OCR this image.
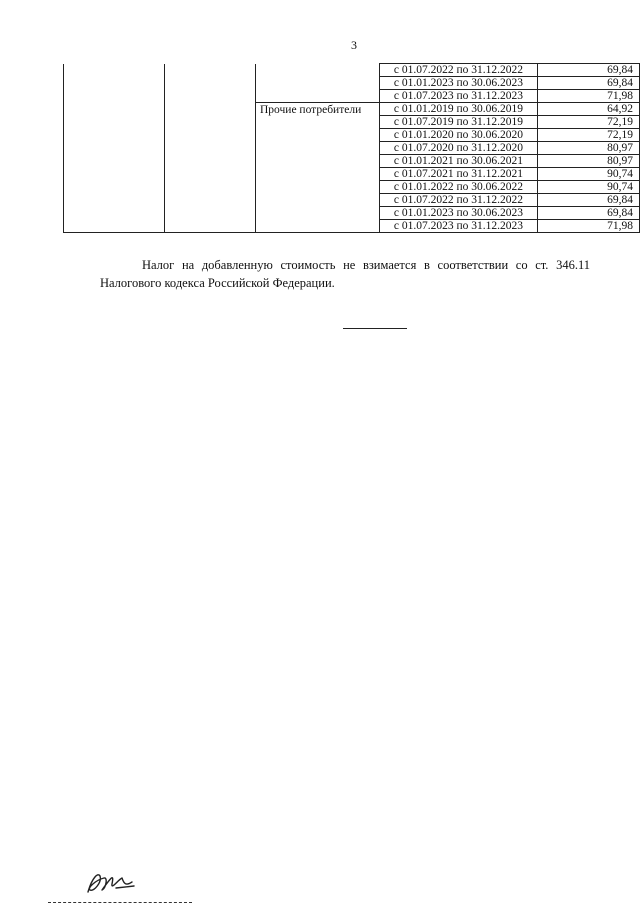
3
			с 01.07.2022 по 31.12.2022	69,84
			с 01.01.2023 по 30.06.2023	69,84
			с 01.07.2023 по 31.12.2023	71,98
		Прочие потребители	с 01.01.2019 по 30.06.2019	64,92
			с 01.07.2019 по 31.12.2019	72,19
			с 01.01.2020 по 30.06.2020	72,19
			с 01.07.2020 по 31.12.2020	80,97
			с 01.01.2021 по 30.06.2021	80,97
			с 01.07.2021 по 31.12.2021	90,74
			с 01.01.2022 по 30.06.2022	90,74
			с 01.07.2022 по 31.12.2022	69,84
			с 01.01.2023 по 30.06.2023	69,84
			с 01.07.2023 по 31.12.2023	71,98
Налог на добавленную стоимость не взимается в соответствии со ст. 346.11 Налогового кодекса Российской Федерации.
